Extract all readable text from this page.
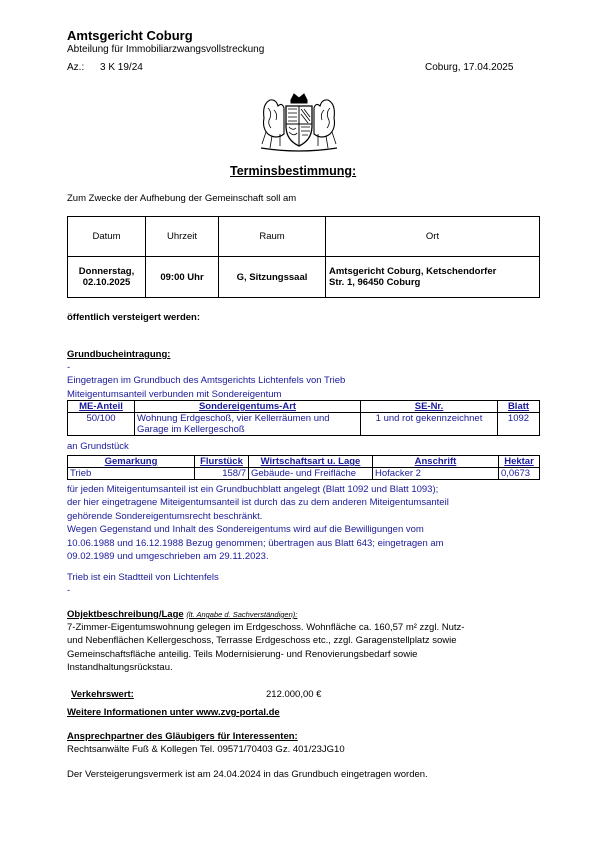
Amtsgericht Coburg
Abteilung für Immobiliarzwangsvollstreckung
Az.: 3 K 19/24	Coburg, 17.04.2025
Terminsbestimmung:
Zum Zwecke der Aufhebung der Gemeinschaft soll am
Datum	Uhrzeit	Raum	Ort
Donnerstag,
02.10.2025	09:00 Uhr	G, Sitzungssaal	Amtsgericht Coburg, Ketschendorfer
Str. 1, 96450 Coburg
öffentlich versteigert werden:
Grundbucheintragung:
-
Eingetragen im Grundbuch des Amtsgerichts Lichtenfels von Trieb
Miteigentumsanteil verbunden mit Sondereigentum
ME-Anteil	Sondereigentums-Art	SE-Nr.	Blatt
50/100	Wohnung Erdgeschoß, vier Kellerräumen und
Garage im Kellergeschoß	1 und rot gekennzeichnet	1092
an Grundstück
Gemarkung	Flurstück	Wirtschaftsart u. Lage	Anschrift	Hektar
Trieb	158/7	Gebäude- und Freifläche	Hofacker 2	0,0673
für jeden Miteigentumsanteil ist ein Grundbuchblatt angelegt (Blatt 1092 und Blatt 1093);
der hier eingetragene Miteigentumsanteil ist durch das zu dem anderen Miteigentumsanteil
gehörende Sondereigentumsrecht beschränkt.
Wegen Gegenstand und Inhalt des Sondereigentums wird auf die Bewilligungen vom
10.06.1988 und 16.12.1988 Bezug genommen; übertragen aus Blatt 643; eingetragen am
09.02.1989 und umgeschrieben am 29.11.2023.
Trieb ist ein Stadtteil von Lichtenfels
-
Objektbeschreibung/Lage (lt. Angabe d. Sachverständigen):
7-Zimmer-Eigentumswohnung gelegen im Erdgeschoss. Wohnfläche ca. 160,57 m² zzgl. Nutz-
und Nebenflächen Kellergeschoss, Terrasse Erdgeschoss etc., zzgl. Garagenstellplatz sowie
Gemeinschaftsfläche anteilig. Teils Modernisierung- und Renovierungsbedarf sowie
Instandhaltungsrückstau.
Verkehrswert:	212.000,00 €
Weitere Informationen unter www.zvg-portal.de
Ansprechpartner des Gläubigers für Interessenten:
Rechtsanwälte Fuß & Kollegen Tel. 09571/70403 Gz. 401/23JG10
Der Versteigerungsvermerk ist am 24.04.2024 in das Grundbuch eingetragen worden.
